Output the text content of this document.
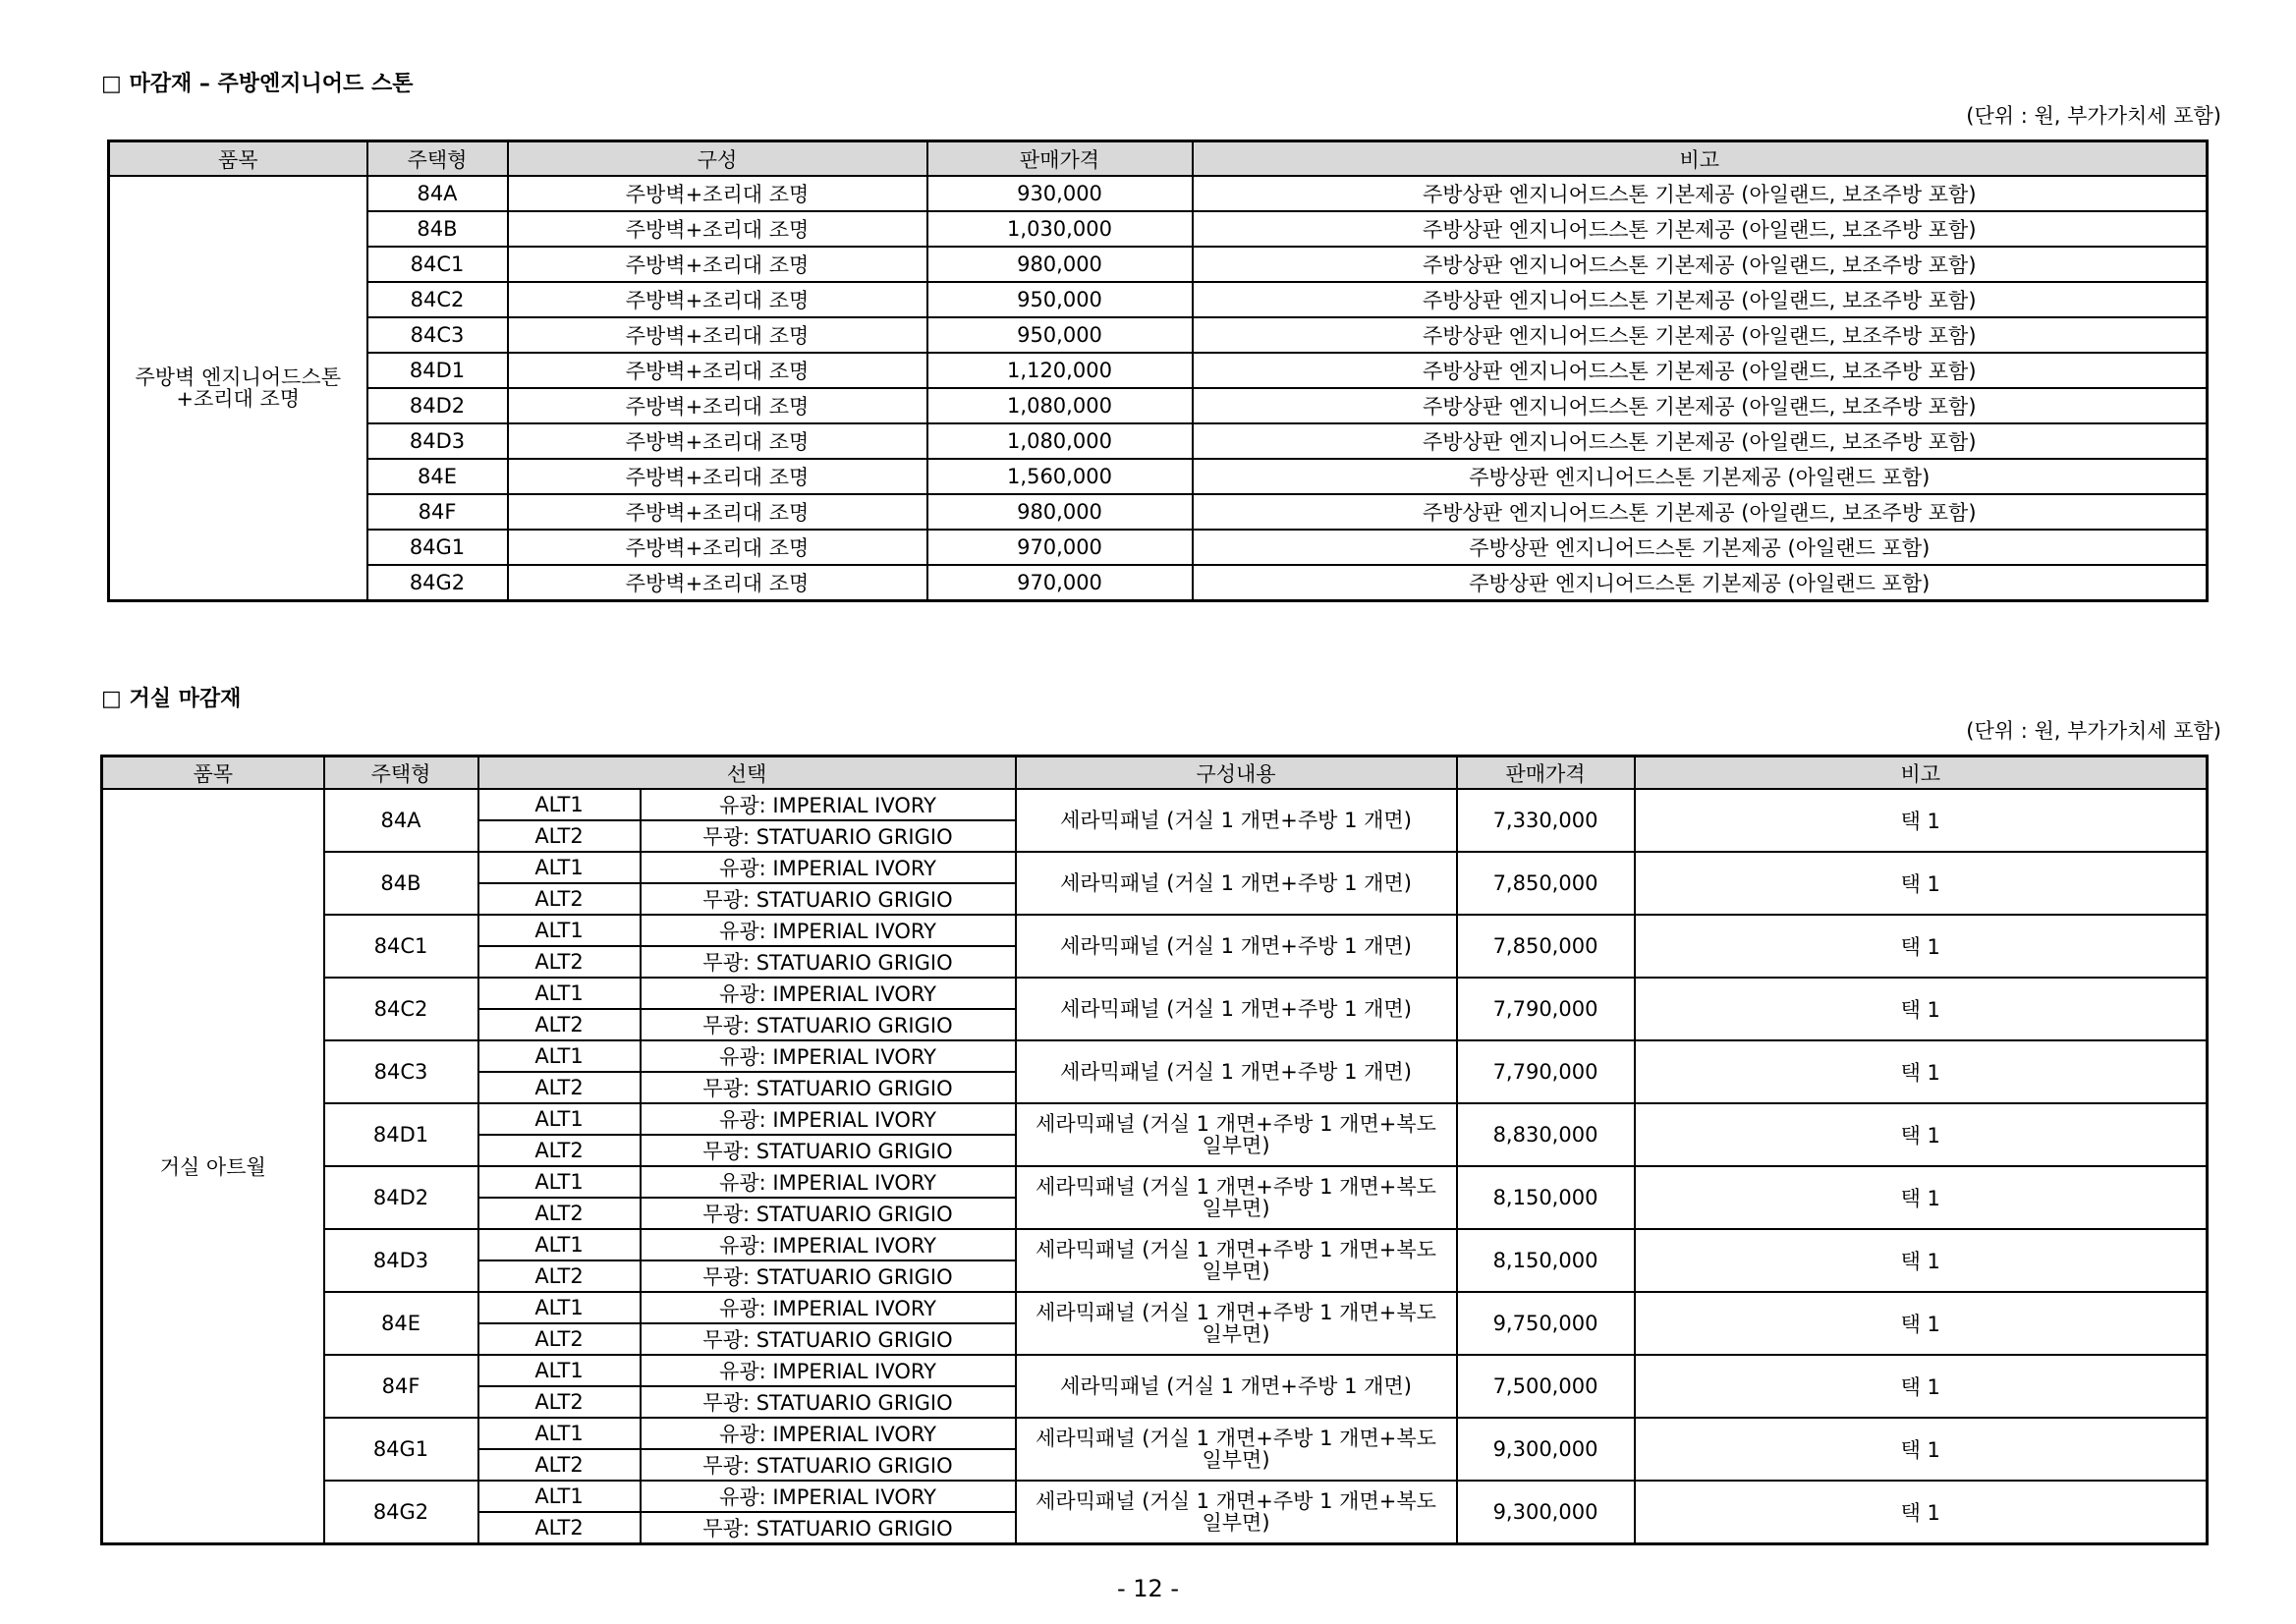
□ 마감재 – 주방엔지니어드 스톤
(단위 : 원, 부가가치세 포함)
품목	주택형	구성	판매가격	비고
주방벽 엔지니어드스톤 +조리대 조명	84A	주방벽+조리대 조명	930,000	주방상판 엔지니어드스톤 기본제공 (아일랜드, 보조주방 포함)
	84B	주방벽+조리대 조명	1,030,000	주방상판 엔지니어드스톤 기본제공 (아일랜드, 보조주방 포함)
	84C1	주방벽+조리대 조명	980,000	주방상판 엔지니어드스톤 기본제공 (아일랜드, 보조주방 포함)
	84C2	주방벽+조리대 조명	950,000	주방상판 엔지니어드스톤 기본제공 (아일랜드, 보조주방 포함)
	84C3	주방벽+조리대 조명	950,000	주방상판 엔지니어드스톤 기본제공 (아일랜드, 보조주방 포함)
	84D1	주방벽+조리대 조명	1,120,000	주방상판 엔지니어드스톤 기본제공 (아일랜드, 보조주방 포함)
	84D2	주방벽+조리대 조명	1,080,000	주방상판 엔지니어드스톤 기본제공 (아일랜드, 보조주방 포함)
	84D3	주방벽+조리대 조명	1,080,000	주방상판 엔지니어드스톤 기본제공 (아일랜드, 보조주방 포함)
	84E	주방벽+조리대 조명	1,560,000	주방상판 엔지니어드스톤 기본제공 (아일랜드 포함)
	84F	주방벽+조리대 조명	980,000	주방상판 엔지니어드스톤 기본제공 (아일랜드, 보조주방 포함)
	84G1	주방벽+조리대 조명	970,000	주방상판 엔지니어드스톤 기본제공 (아일랜드 포함)
	84G2	주방벽+조리대 조명	970,000	주방상판 엔지니어드스톤 기본제공 (아일랜드 포함)
□ 거실 마감재
(단위 : 원, 부가가치세 포함)
품목	주택형	선택		구성내용	판매가격	비고
거실 아트월	84A	ALT1	유광: IMPERIAL IVORY	세라믹패널 (거실 1 개면+주방 1 개면)	7,330,000	택 1
		ALT2	무광: STATUARIO GRIGIO			
	84B	ALT1	유광: IMPERIAL IVORY	세라믹패널 (거실 1 개면+주방 1 개면)	7,850,000	택 1
		ALT2	무광: STATUARIO GRIGIO			
	84C1	ALT1	유광: IMPERIAL IVORY	세라믹패널 (거실 1 개면+주방 1 개면)	7,850,000	택 1
		ALT2	무광: STATUARIO GRIGIO			
	84C2	ALT1	유광: IMPERIAL IVORY	세라믹패널 (거실 1 개면+주방 1 개면)	7,790,000	택 1
		ALT2	무광: STATUARIO GRIGIO			
	84C3	ALT1	유광: IMPERIAL IVORY	세라믹패널 (거실 1 개면+주방 1 개면)	7,790,000	택 1
		ALT2	무광: STATUARIO GRIGIO			
	84D1	ALT1	유광: IMPERIAL IVORY	세라믹패널 (거실 1 개면+주방 1 개면+복도 일부면)	8,830,000	택 1
		ALT2	무광: STATUARIO GRIGIO			
	84D2	ALT1	유광: IMPERIAL IVORY	세라믹패널 (거실 1 개면+주방 1 개면+복도 일부면)	8,150,000	택 1
		ALT2	무광: STATUARIO GRIGIO			
	84D3	ALT1	유광: IMPERIAL IVORY	세라믹패널 (거실 1 개면+주방 1 개면+복도 일부면)	8,150,000	택 1
		ALT2	무광: STATUARIO GRIGIO			
	84E	ALT1	유광: IMPERIAL IVORY	세라믹패널 (거실 1 개면+주방 1 개면+복도 일부면)	9,750,000	택 1
		ALT2	무광: STATUARIO GRIGIO			
	84F	ALT1	유광: IMPERIAL IVORY	세라믹패널 (거실 1 개면+주방 1 개면)	7,500,000	택 1
		ALT2	무광: STATUARIO GRIGIO			
	84G1	ALT1	유광: IMPERIAL IVORY	세라믹패널 (거실 1 개면+주방 1 개면+복도 일부면)	9,300,000	택 1
		ALT2	무광: STATUARIO GRIGIO			
	84G2	ALT1	유광: IMPERIAL IVORY	세라믹패널 (거실 1 개면+주방 1 개면+복도 일부면)	9,300,000	택 1
		ALT2	무광: STATUARIO GRIGIO			
- 12 -
